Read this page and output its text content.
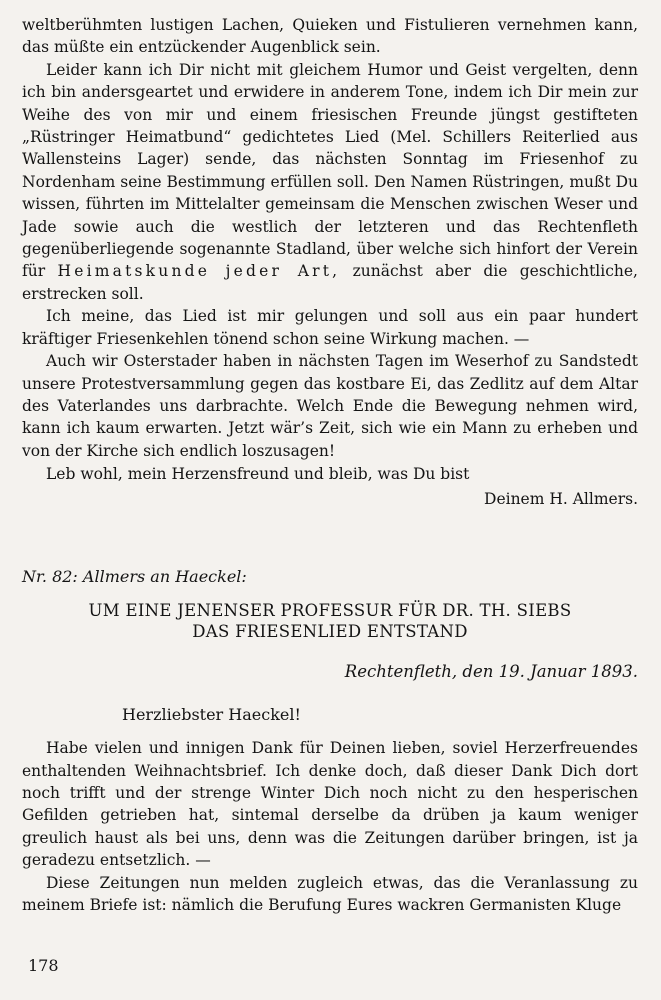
weltberühmten lustigen Lachen, Quieken und Fistulieren vernehmen kann, das müßte ein entzückender Augenblick sein.

Leider kann ich Dir nicht mit gleichem Humor und Geist vergelten, denn ich bin andersgeartet und erwidere in anderem Tone, indem ich Dir mein zur Weihe des von mir und einem friesischen Freunde jüngst gestifteten „Rüstringer Heimatbund“ gedichtetes Lied (Mel. Schillers Reiterlied aus Wallensteins Lager) sende, das nächsten Sonntag im Friesenhof zu Nordenham seine Bestimmung erfüllen soll. Den Namen Rüstringen, mußt Du wissen, führten im Mittelalter gemeinsam die Menschen zwischen Weser und Jade sowie auch die westlich der letzteren und das Rechtenfleth gegenüberliegende sogenannte Stadland, über welche sich hinfort der Verein für Heimatskunde jeder Art, zunächst aber die geschichtliche, erstrecken soll.

Ich meine, das Lied ist mir gelungen und soll aus ein paar hundert kräftiger Friesenkehlen tönend schon seine Wirkung machen. —

Auch wir Osterstader haben in nächsten Tagen im Weserhof zu Sandstedt unsere Protestversammlung gegen das kostbare Ei, das Zedlitz auf dem Altar des Vaterlandes uns darbrachte. Welch Ende die Bewegung nehmen wird, kann ich kaum erwarten. Jetzt wär’s Zeit, sich wie ein Mann zu erheben und von der Kirche sich endlich loszusagen!

Leb wohl, mein Herzensfreund und bleib, was Du bist

Deinem H. Allmers.

Nr. 82: Allmers an Haeckel:

UM EINE JENENSER PROFESSUR FÜR DR. TH. SIEBS
DAS FRIESENLIED ENTSTAND

Rechtenfleth, den 19. Januar 1893.

Herzliebster Haeckel!

Habe vielen und innigen Dank für Deinen lieben, soviel Herzerfreuendes enthaltenden Weihnachtsbrief. Ich denke doch, daß dieser Dank Dich dort noch trifft und der strenge Winter Dich noch nicht zu den hesperischen Gefilden getrieben hat, sintemal derselbe da drüben ja kaum weniger greulich haust als bei uns, denn was die Zeitungen darüber bringen, ist ja geradezu entsetzlich. —

Diese Zeitungen nun melden zugleich etwas, das die Veranlassung zu meinem Briefe ist: nämlich die Berufung Eures wackren Germanisten Kluge

178
